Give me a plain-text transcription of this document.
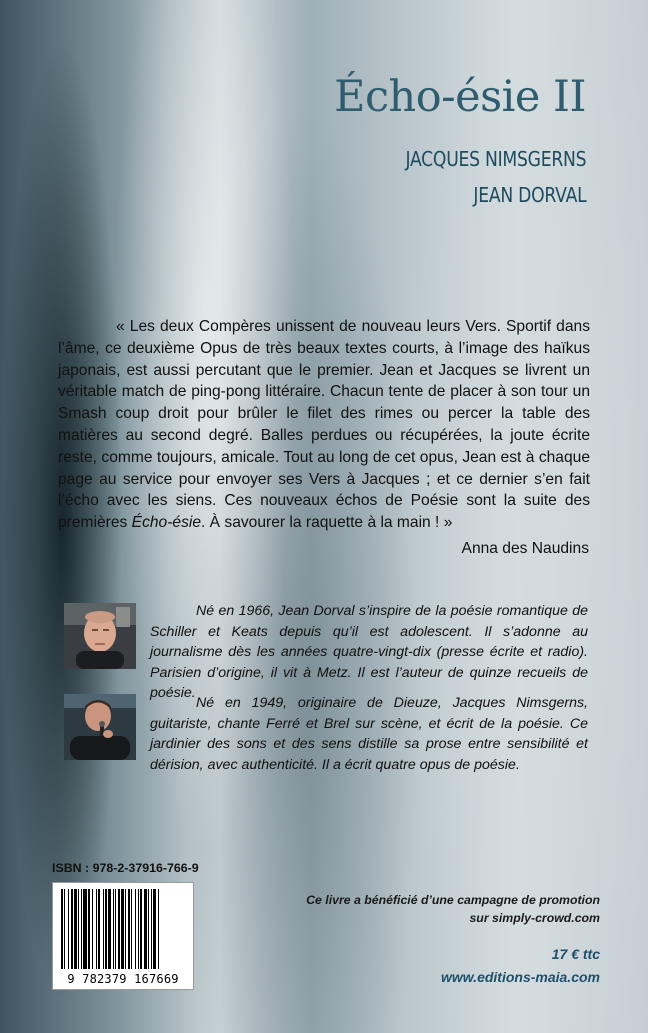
Écho-ésie II
JACQUES NIMSGERNS
JEAN DORVAL

« Les deux Compères unissent de nouveau leurs Vers. Sportif dans l’âme, ce deuxième Opus de très beaux textes courts, à l’image des haïkus japonais, est aussi percutant que le premier. Jean et Jacques se livrent un véritable match de ping-pong littéraire. Chacun tente de placer à son tour un Smash coup droit pour brûler le filet des rimes ou percer la table des matières au second degré. Balles perdues ou récupérées, la joute écrite reste, comme toujours, amicale. Tout au long de cet opus, Jean est à chaque page au service pour envoyer ses Vers à Jacques ; et ce dernier s’en fait l’écho avec les siens. Ces nouveaux échos de Poésie sont la suite des premières Écho-ésie. À savourer la raquette à la main ! »

Anna des Naudins

Né en 1966, Jean Dorval s’inspire de la poésie romantique de Schiller et Keats depuis qu’il est adolescent. Il s’adonne au journalisme dès les années quatre-vingt-dix (presse écrite et radio). Parisien d’origine, il vit à Metz. Il est l’auteur de quinze recueils de poésie.

Né en 1949, originaire de Dieuze, Jacques Nimsgerns, guitariste, chante Ferré et Brel sur scène, et écrit de la poésie. Ce jardinier des sons et des sens distille sa prose entre sensibilité et dérision, avec authenticité. Il a écrit quatre opus de poésie.

ISBN : 978-2-37916-766-9
9 782379 167669
Ce livre a bénéficié d’une campagne de promotion
sur simply-crowd.com
17 € ttc
www.editions-maia.com
